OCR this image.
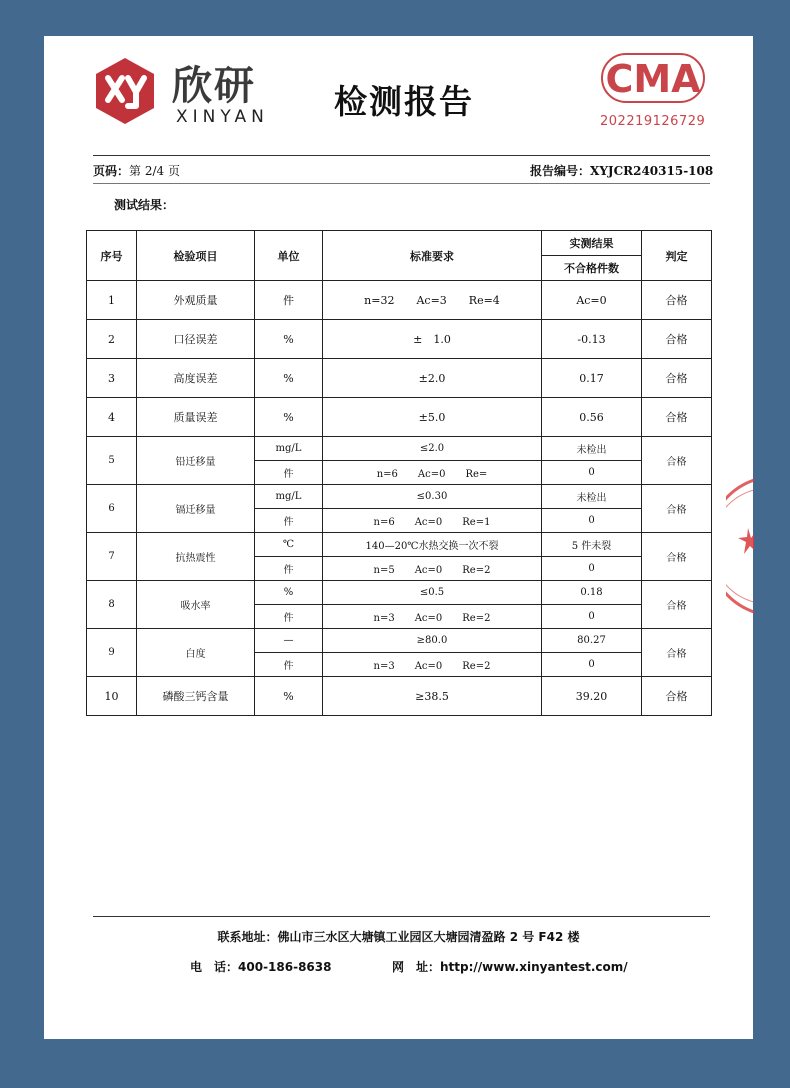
欣研
XINYAN 检测报告
CMA
202219126729
页码：第 2/4 页	报告编号：XYJCR240315-108
测试结果：
序号	检验项目	单位	标准要求	实测结果	判定
				不合格件数	
1	外观质量	件	n=32　　Ac=3　　Re=4	Ac=0	合格
2	口径误差	%	±　1.0	-0.13	合格
3	高度误差	%	±2.0	0.17	合格
4	质量误差	%	±5.0	0.56	合格
5	铅迁移量	mg/L	≤2.0	未检出	合格
		件	n=6　　Ac=0　　Re=	0	
6	镉迁移量	mg/L	≤0.30	未检出	合格
		件	n=6　　Ac=0　　Re=1	0	
7	抗热震性	℃	140—20℃水热交换一次不裂	5 件未裂	合格
		件	n=5　　Ac=0　　Re=2	0	
8	吸水率	%	≤0.5	0.18	合格
		件	n=3　　Ac=0　　Re=2	0	
9	白度	—	≥80.0	80.27	合格
		件	n=3　　Ac=0　　Re=2	0	
10	磷酸三钙含量	%	≥38.5	39.20	合格
联系地址：佛山市三水区大塘镇工业园区大塘园清盈路 2 号 F42 楼
电　话：400-186-8638	网　址：http://www.xinyantest.com/
